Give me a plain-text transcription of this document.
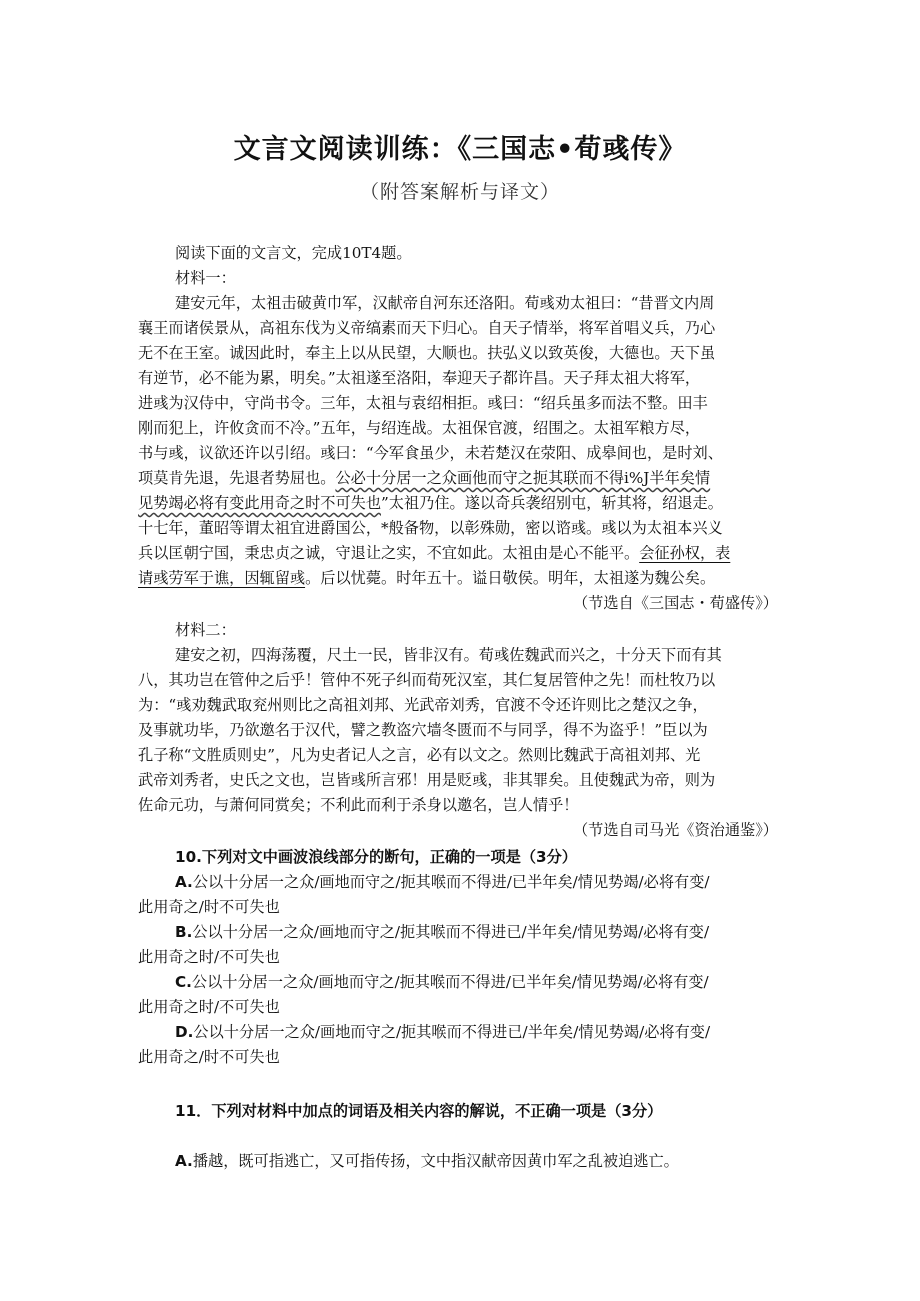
文言文阅读训练：《三国志•荀彧传》
（附答案解析与译文）
阅读下面的文言文，完成10T4题。
材料一：
建安元年，太祖击破黄巾军，汉献帝自河东还洛阳。荀彧劝太祖曰：“昔晋文内周
襄王而诸侯景从，高祖东伐为义帝缟素而天下归心。自天子情举，将军首唱义兵，乃心
无不在王室。诚因此时，奉主上以从民望，大顺也。扶弘义以致英俊，大德也。天下虽
有逆节，必不能为累，明矣。”太祖遂至洛阳，奉迎天子都许昌。天子拜太祖大将军，
进彧为汉侍中，守尚书令。三年，太祖与袁绍相拒。彧曰：“绍兵虽多而法不整。田丰
刚而犯上，许攸贪而不冷。”五年，与绍连战。太祖保官渡，绍围之。太祖军粮方尽，
书与彧，议欲还许以引绍。彧曰：“今军食虽少，未若楚汉在荥阳、成皋间也，是时刘、
项莫肯先退，先退者势屈也。公必十分居一之众画他而守之扼其联而不得i%J半年矣情
见势竭必将有变此用奇之时不可失也”太祖乃住。遂以奇兵袭绍别屯，斩其将，绍退走。
十七年，董昭等谓太祖宜进爵国公，*般备物，以彰殊勋，密以谘彧。彧以为太祖本兴义
兵以匡朝宁国，秉忠贞之诚，守退让之实，不宜如此。太祖由是心不能平。会征孙权，表
请彧劳军于谯，因辄留彧。后以忧薨。时年五十。谥日敬侯。明年，太祖遂为魏公矣。
（节选自《三国志・荀盛传》）
材料二：
建安之初，四海荡覆，尺土一民，皆非汉有。荀彧佐魏武而兴之，十分天下而有其
八，其功岂在管仲之后乎！管仲不死子纠而荀死汉室，其仁复居管仲之先！而杜牧乃以
为：“彧劝魏武取兖州则比之高祖刘邦、光武帝刘秀，官渡不令还许则比之楚汉之争，
及事就功毕，乃欲邀名于汉代，譬之教盗穴墙冬匮而不与同孚，得不为盗乎！”臣以为
孔子称“文胜质则史”，凡为史者记人之言，必有以文之。然则比魏武于高祖刘邦、光
武帝刘秀者，史氏之文也，岂皆彧所言邪！用是贬彧，非其罪矣。且使魏武为帝，则为
佐命元功，与萧何同赏矣；不利此而利于杀身以邀名，岂人情乎！
（节选自司马光《资治通鉴》）
10.下列对文中画波浪线部分的断句，正确的一项是（3分）
A.公以十分居一之众/画地而守之/扼其喉而不得进/已半年矣/情见势竭/必将有变/
此用奇之/时不可失也
B.公以十分居一之众/画地而守之/扼其喉而不得进已/半年矣/情见势竭/必将有变/
此用奇之时/不可失也
C.公以十分居一之众/画地而守之/扼其喉而不得进/已半年矣/情见势竭/必将有变/
此用奇之时/不可失也
D.公以十分居一之众/画地而守之/扼其喉而不得进已/半年矣/情见势竭/必将有变/
此用奇之/时不可失也
11．下列对材料中加点的词语及相关内容的解说，不正确一项是（3分）
A.播越，既可指逃亡，又可指传扬，文中指汉献帝因黄巾军之乱被迫逃亡。
